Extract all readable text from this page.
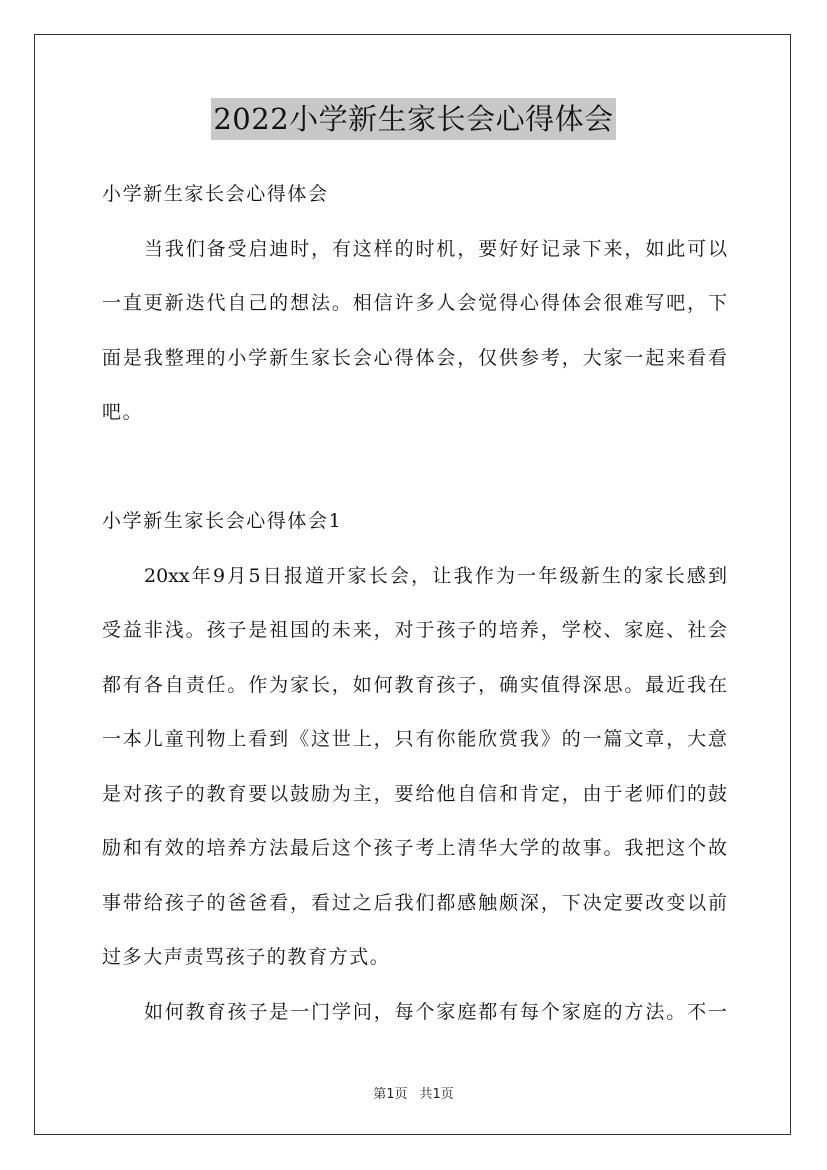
2022小学新生家长会心得体会
小学新生家长会心得体会
当我们备受启迪时，有这样的时机，要好好记录下来，如此可以
一直更新迭代自己的想法。相信许多人会觉得心得体会很难写吧，下
面是我整理的小学新生家长会心得体会，仅供参考，大家一起来看看
吧。
小学新生家长会心得体会1
20xx年9月5日报道开家长会，让我作为一年级新生的家长感到
受益非浅。孩子是祖国的未来，对于孩子的培养，学校、家庭、社会
都有各自责任。作为家长，如何教育孩子，确实值得深思。最近我在
一本儿童刊物上看到《这世上，只有你能欣赏我》的一篇文章，大意
是对孩子的教育要以鼓励为主，要给他自信和肯定，由于老师们的鼓
励和有效的培养方法最后这个孩子考上清华大学的故事。我把这个故
事带给孩子的爸爸看，看过之后我们都感触颇深，下决定要改变以前
过多大声责骂孩子的教育方式。
如何教育孩子是一门学问，每个家庭都有每个家庭的方法。不一
第1页 共1页
